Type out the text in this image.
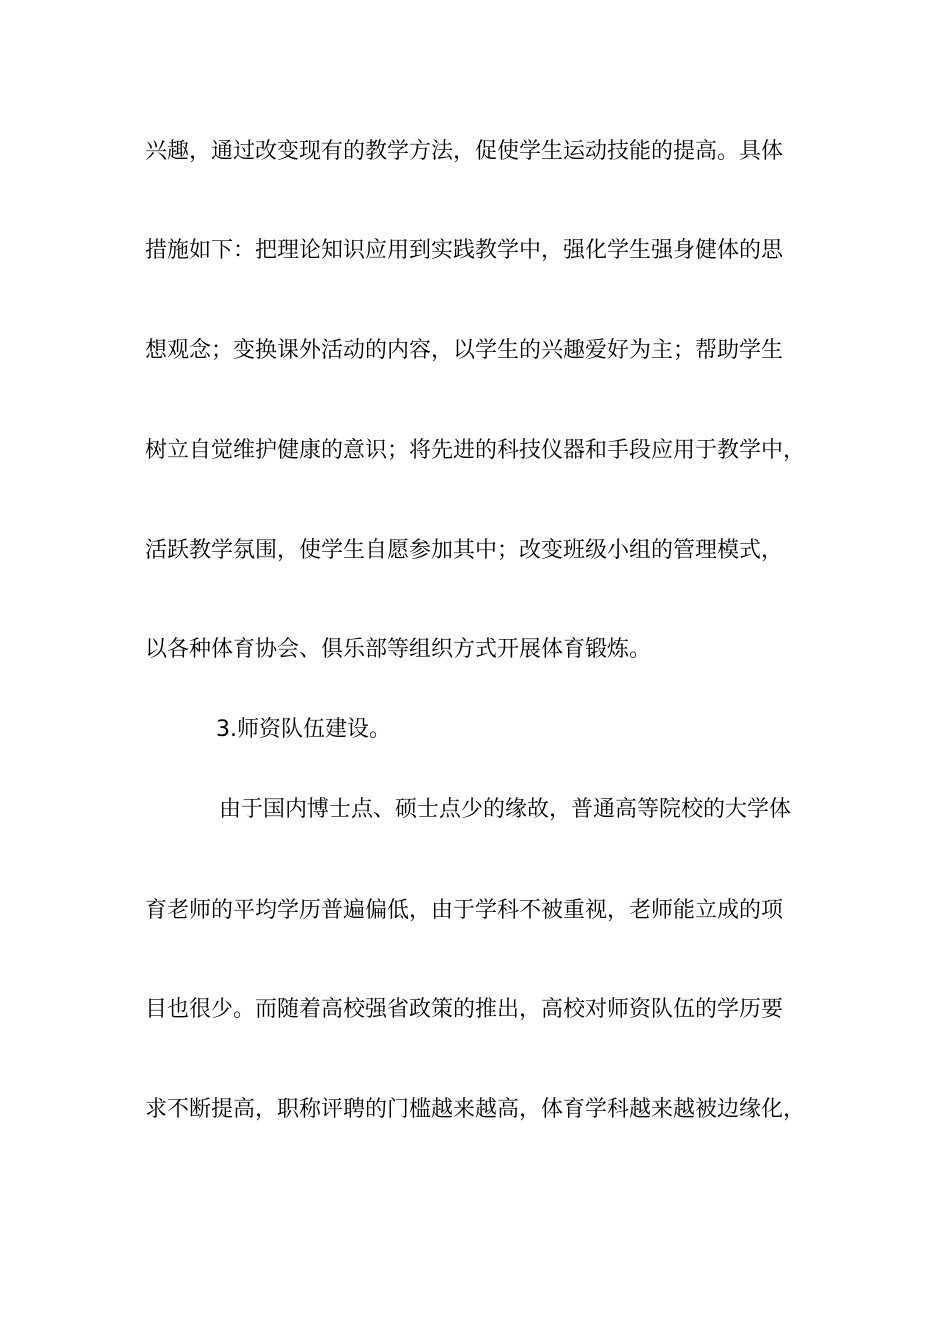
兴趣，通过改变现有的教学方法，促使学生运动技能的提高。具体
措施如下：把理论知识应用到实践教学中，强化学生强身健体的思
想观念；变换课外活动的内容，以学生的兴趣爱好为主；帮助学生
树立自觉维护健康的意识；将先进的科技仪器和手段应用于教学中，
活跃教学氛围，使学生自愿参加其中；改变班级小组的管理模式，
以各种体育协会、俱乐部等组织方式开展体育锻炼。
3.师资队伍建设。
由于国内博士点、硕士点少的缘故，普通高等院校的大学体
育老师的平均学历普遍偏低，由于学科不被重视，老师能立成的项
目也很少。而随着高校强省政策的推出，高校对师资队伍的学历要
求不断提高，职称评聘的门槛越来越高，体育学科越来越被边缘化，
